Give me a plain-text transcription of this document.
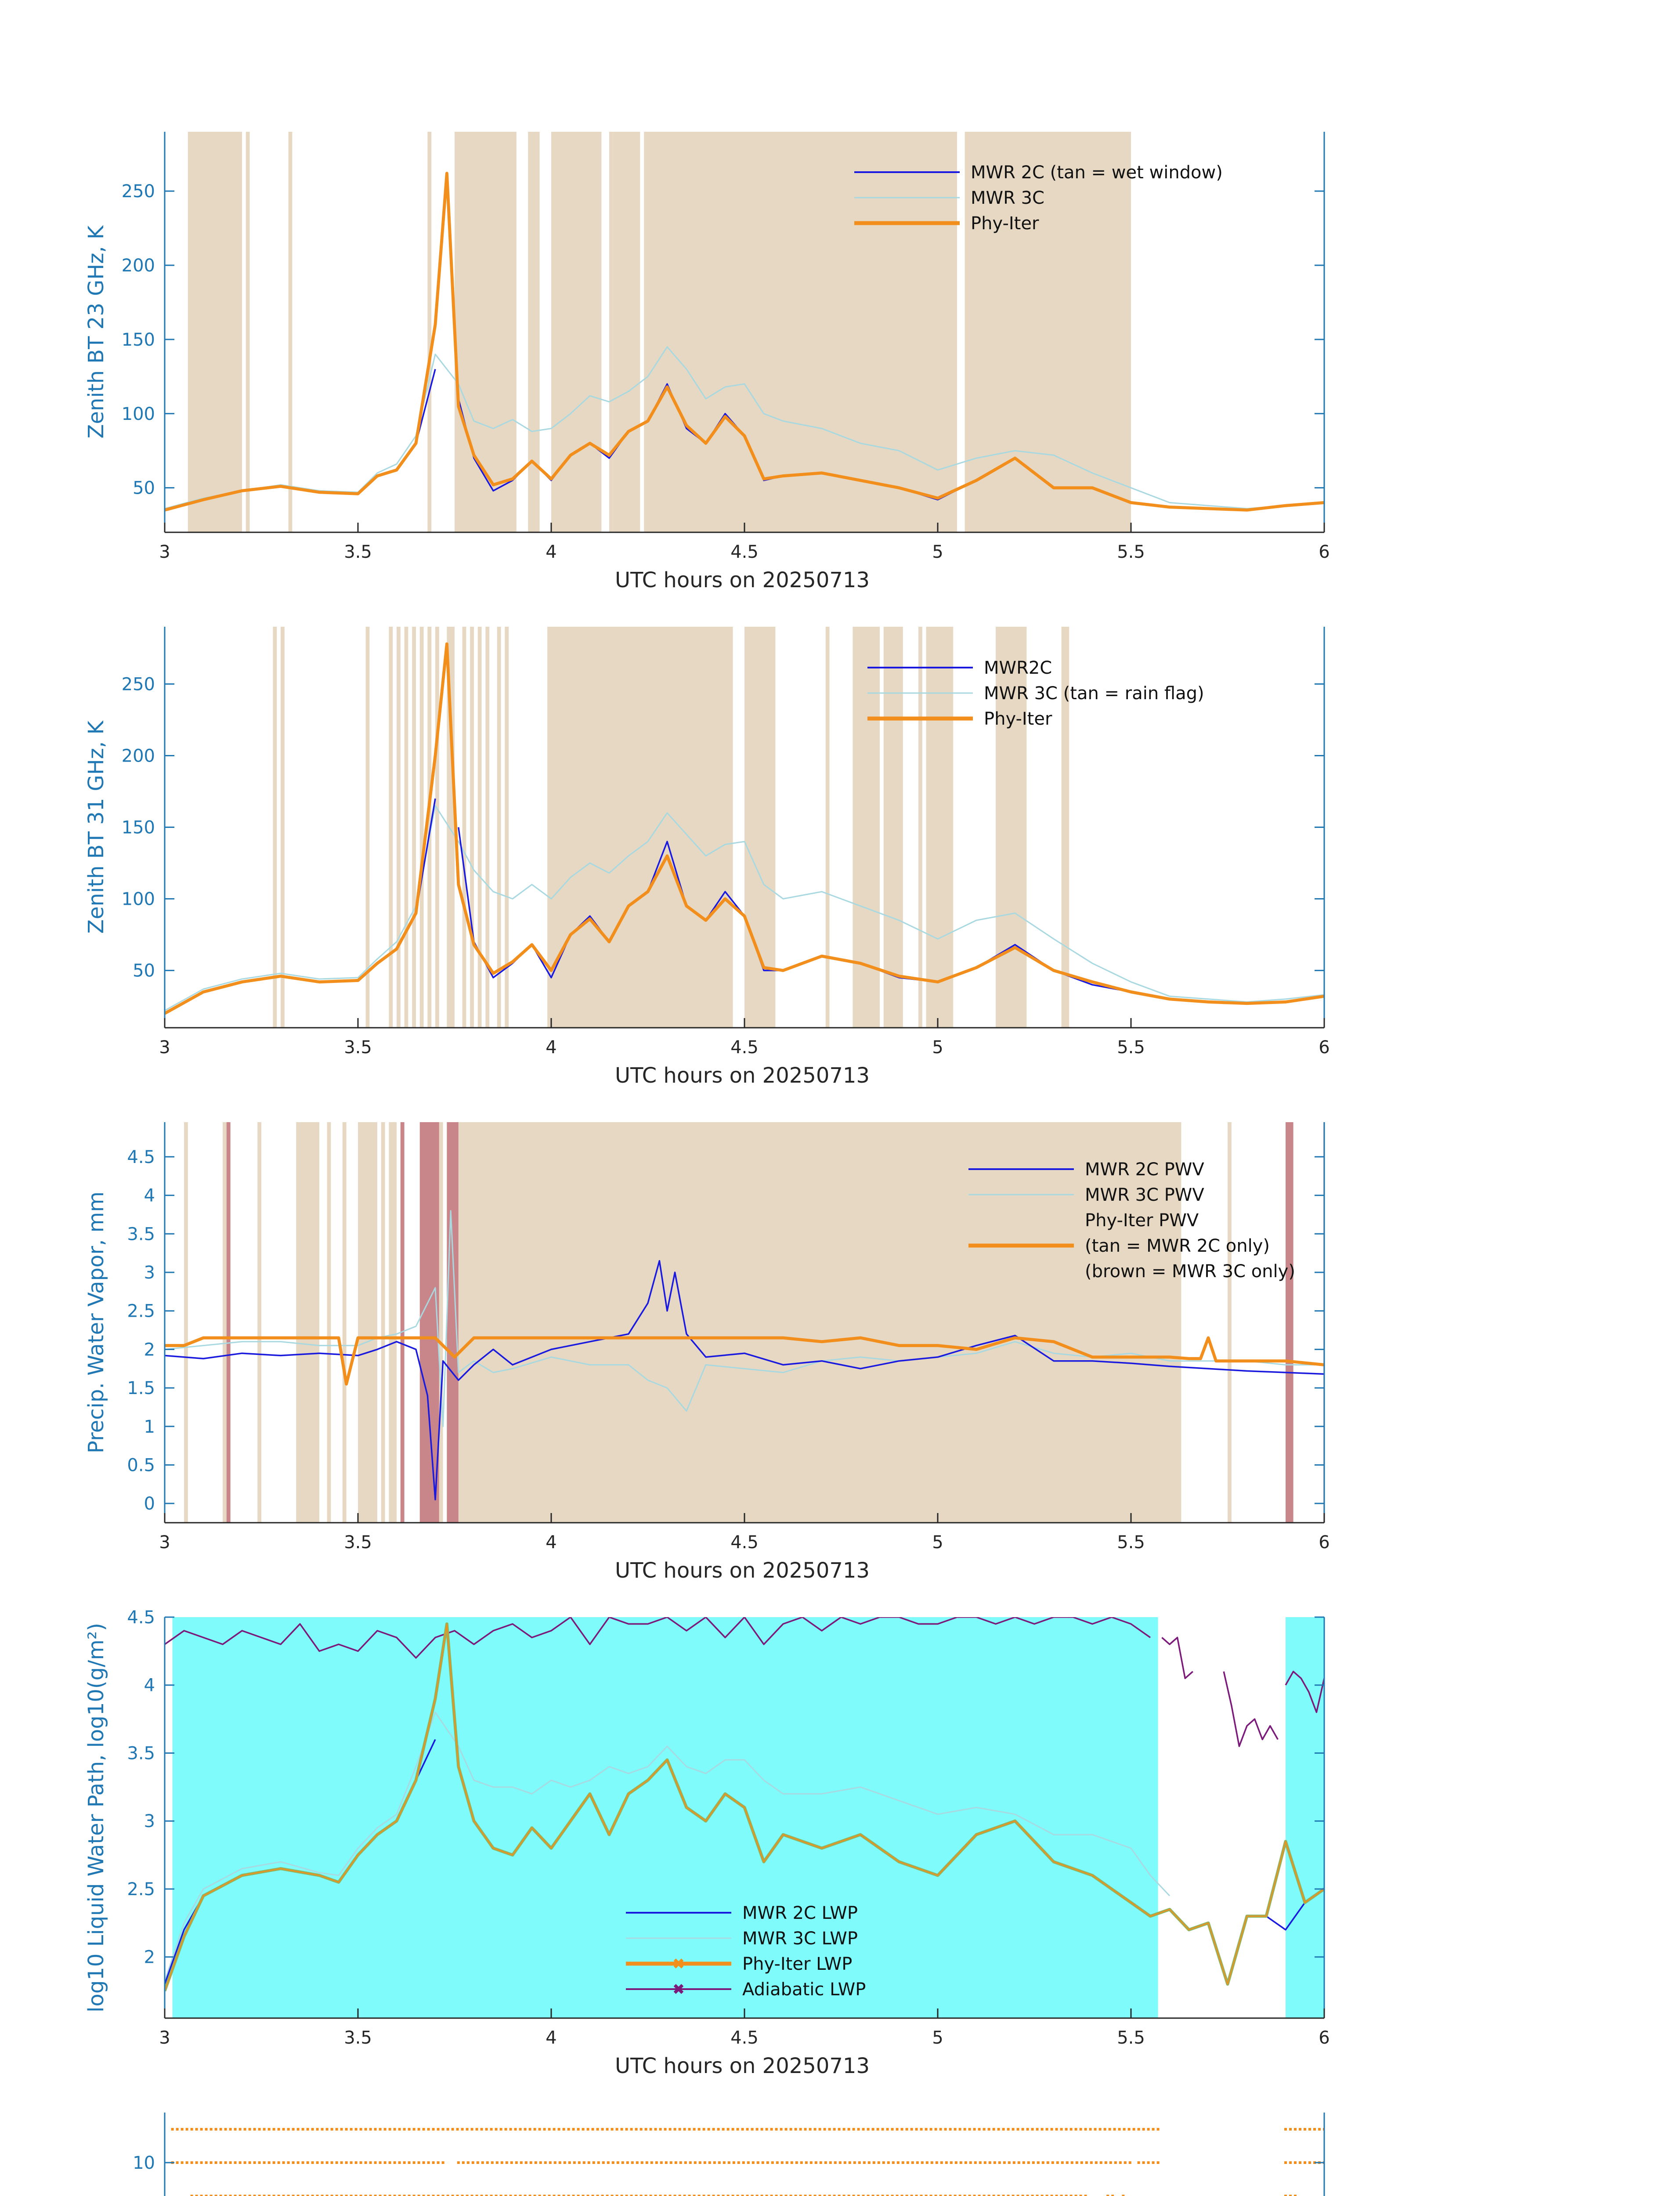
50
100
150
200
250
3	3.5	4	4.5	5	5.5	6
UTC hours on 20250713
Zenith BT 23 GHz, K
MWR 2C (tan = wet window)
MWR 3C
Phy-Iter
50
100
150
200
250
3	3.5	4	4.5	5	5.5	6
UTC hours on 20250713
Zenith BT 31 GHz, K
MWR2C
MWR 3C (tan = rain flag)
Phy-Iter
0
0.5
1
1.5
2
2.5
3
3.5
4
4.5
3	3.5	4	4.5	5	5.5	6
UTC hours on 20250713
Precip. Water Vapor, mm
MWR 2C PWV
MWR 3C PWV
Phy-Iter PWV
(tan = MWR 2C only)
(brown = MWR 3C only)
2
2.5
3
3.5
4
4.5
3	3.5	4	4.5	5	5.5	6
UTC hours on 20250713
log10 Liquid Water Path, log10(g/m²)	MWR 2C LWP
MWR 3C LWP
✖	Phy-Iter LWP
✖	Adiabatic LWP
10
